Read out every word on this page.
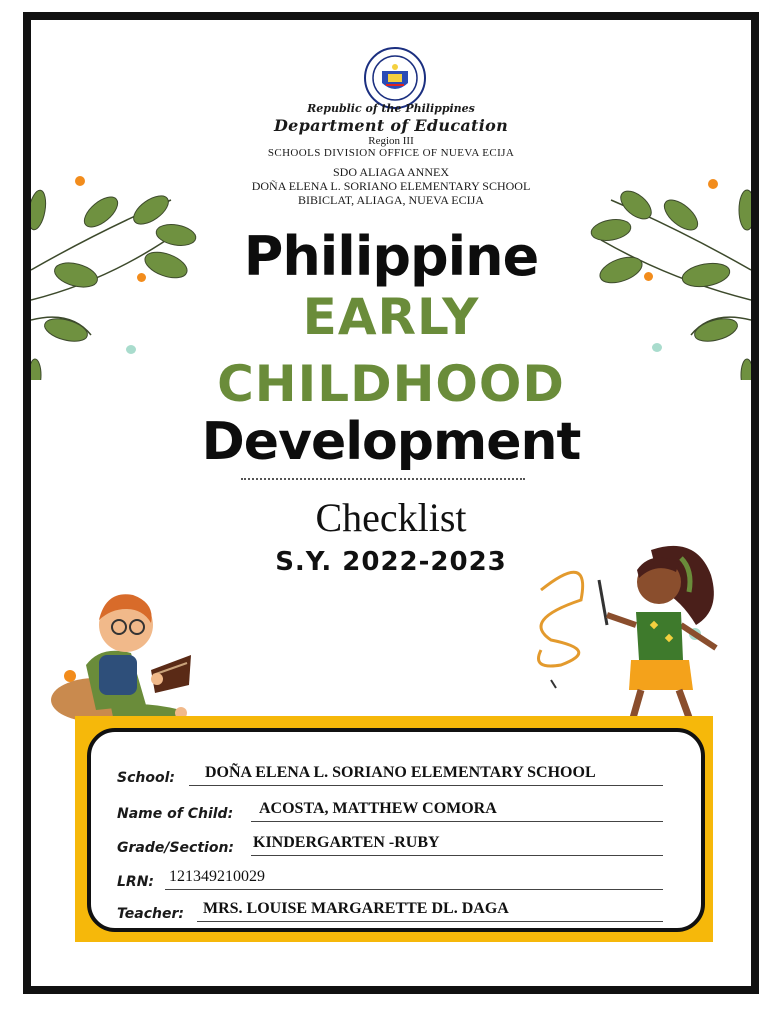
Republic of the Philippines
Department of Education
Region III
SCHOOLS DIVISION OFFICE OF NUEVA ECIJA
SDO ALIAGA ANNEX
DOÑA ELENA L. SORIANO ELEMENTARY SCHOOL
BIBICLAT, ALIAGA, NUEVA ECIJA
Philippine
EARLY
CHILDHOOD
Development
Checklist
S.Y. 2022-2023
School: DOÑA ELENA L. SORIANO ELEMENTARY SCHOOL
Name of Child: ACOSTA, MATTHEW COMORA
Grade/Section: KINDERGARTEN -RUBY
LRN: 121349210029
Teacher: MRS. LOUISE MARGARETTE DL. DAGA
